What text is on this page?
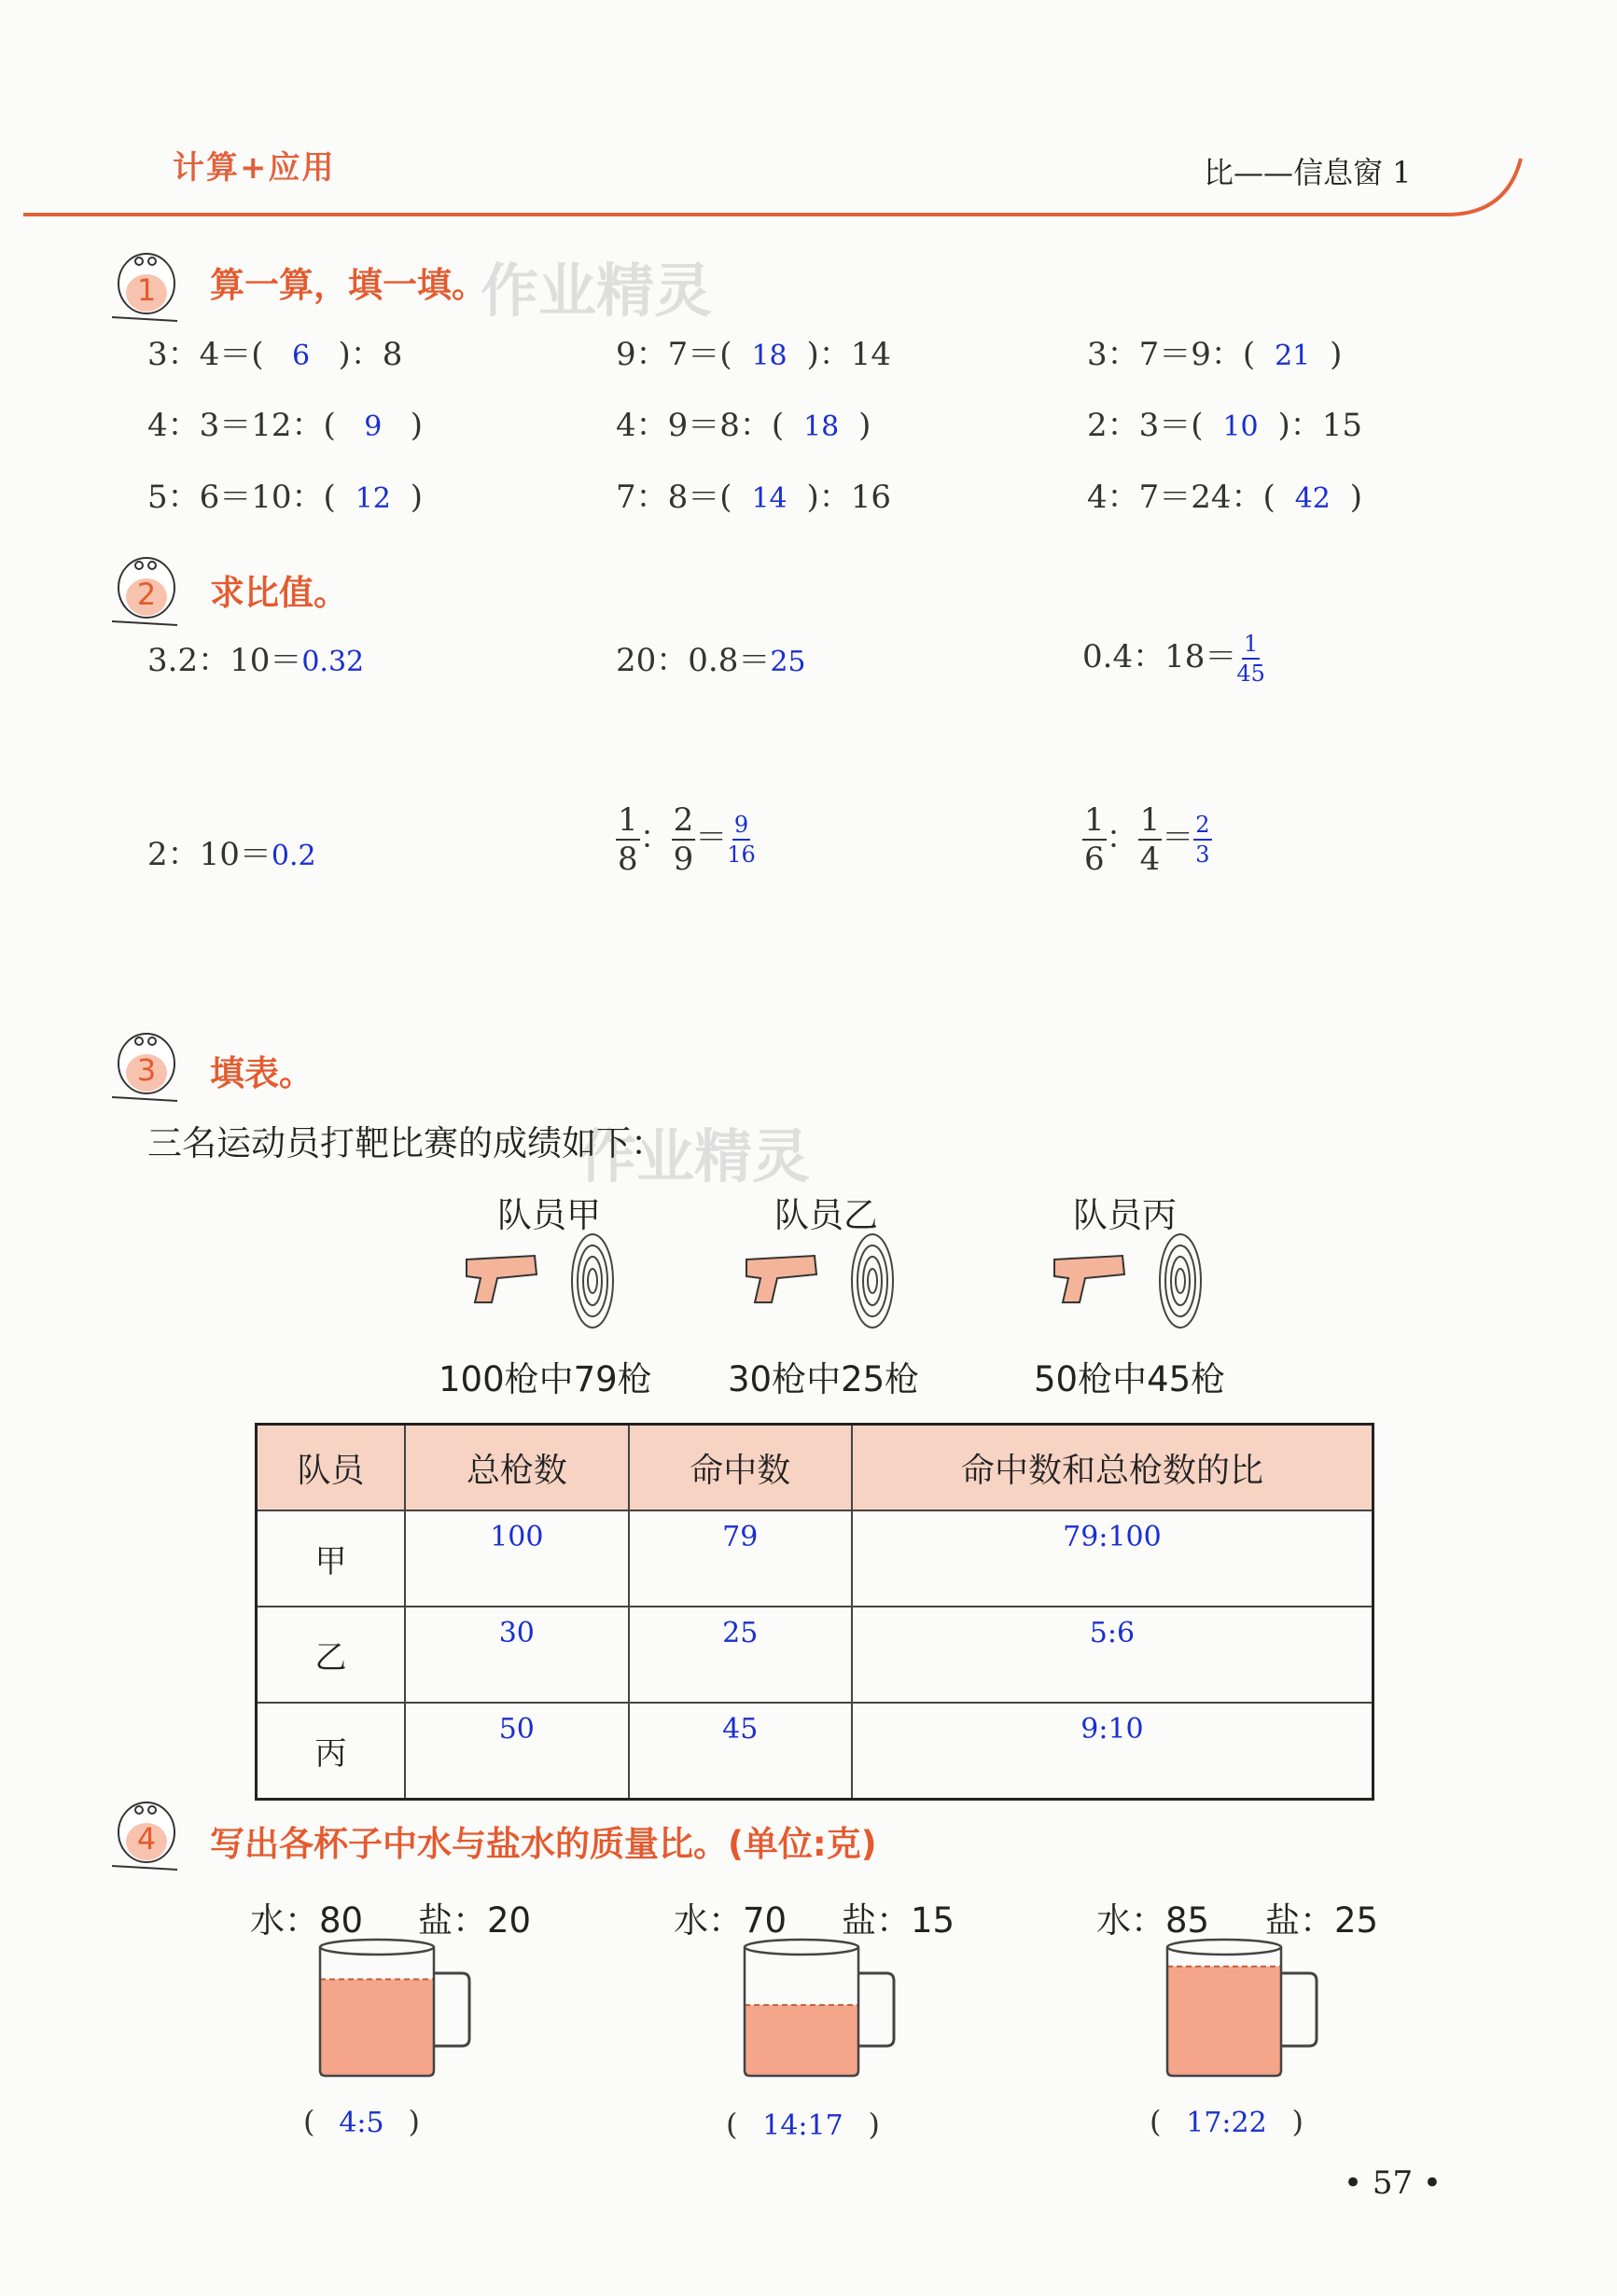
计算+应用	比——信息窗 1
作业精灵
作业精灵
1 算一算，填一填。
3：4＝( 6 )：8	9：7＝( 18 )：14	3：7＝9：( 21 )
4：3＝12：( 9 )	4：9＝8：( 18 )	2：3＝( 10 )：15
5：6＝10：( 12 )	7：8＝( 14 )：16	4：7＝24：( 42 )
2 求比值。
3.2：10＝0.32	20：0.8＝25	0.4：$18= \frac{1}{45}$
2：10＝0.2	$\frac{1}{8}$ ： $\frac{2}{9} = \frac{9}{16}$	$\frac{1}{6}$ ： $\frac{1}{4} = \frac{2}{3}$
3 填表。
三名运动员打靶比赛的成绩如下：
队员甲	队员乙	队员丙
100枪中79枪 30枪中25枪	50枪中45枪
队员	总枪数	命中数	命中数和总枪数的比
甲	100	79	79:100
乙	30	25	5:6
丙	50	45	9:10
4 写出各杯子中水与盐水的质量比。(单位:克)
水：80 盐：20	水：70 盐：15	水：85 盐：25
( 4:5 )	( 14:17 )	( 17:22 )
• 57 •
